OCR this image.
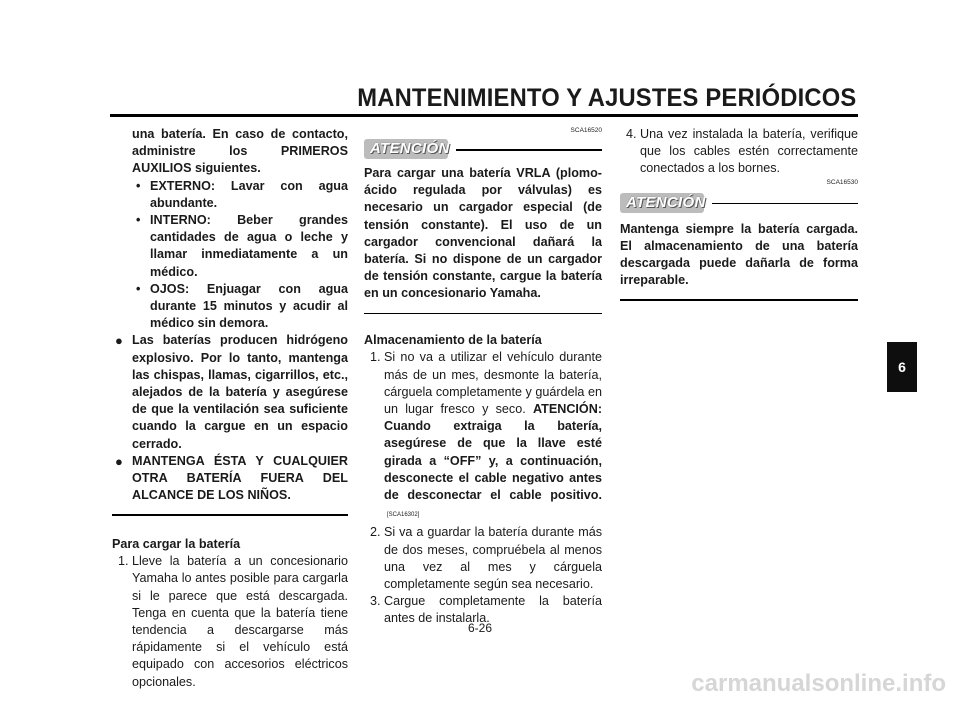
MANTENIMIENTO Y AJUSTES PERIÓDICOS
una batería. En caso de contacto, administre los PRIMEROS AUXILIOS siguientes.
• EXTERNO: Lavar con agua abundante.
• INTERNO: Beber grandes cantidades de agua o leche y llamar inmediatamente a un médico.
• OJOS: Enjuagar con agua durante 15 minutos y acudir al médico sin demora.
● Las baterías producen hidrógeno explosivo. Por lo tanto, mantenga las chispas, llamas, cigarrillos, etc., alejados de la batería y asegúrese de que la ventilación sea suficiente cuando la cargue en un espacio cerrado.
● MANTENGA ÉSTA Y CUALQUIER OTRA BATERÍA FUERA DEL ALCANCE DE LOS NIÑOS.
Para cargar la batería
1. Lleve la batería a un concesionario Yamaha lo antes posible para cargarla si le parece que está descargada. Tenga en cuenta que la batería tiene tendencia a descargarse más rápidamente si el vehículo está equipado con accesorios eléctricos opcionales.
SCA16520
ATENCIÓN
Para cargar una batería VRLA (plomo-ácido regulada por válvulas) es necesario un cargador especial (de tensión constante). El uso de un cargador convencional dañará la batería. Si no dispone de un cargador de tensión constante, cargue la batería en un concesionario Yamaha.
Almacenamiento de la batería
1. Si no va a utilizar el vehículo durante más de un mes, desmonte la batería, cárguela completamente y guárdela en un lugar fresco y seco. ATENCIÓN: Cuando extraiga la batería, asegúrese de que la llave esté girada a “OFF” y, a continuación, desconecte el cable negativo antes de desconectar el cable positivo.[SCA16302]
2. Si va a guardar la batería durante más de dos meses, compruébela al menos una vez al mes y cárguela completamente según sea necesario.
3. Cargue completamente la batería antes de instalarla.
4. Una vez instalada la batería, verifique que los cables estén correctamente conectados a los bornes.
SCA16530
ATENCIÓN
Mantenga siempre la batería cargada. El almacenamiento de una batería descargada puede dañarla de forma irreparable.
6
6-26
carmanualsonline.info
